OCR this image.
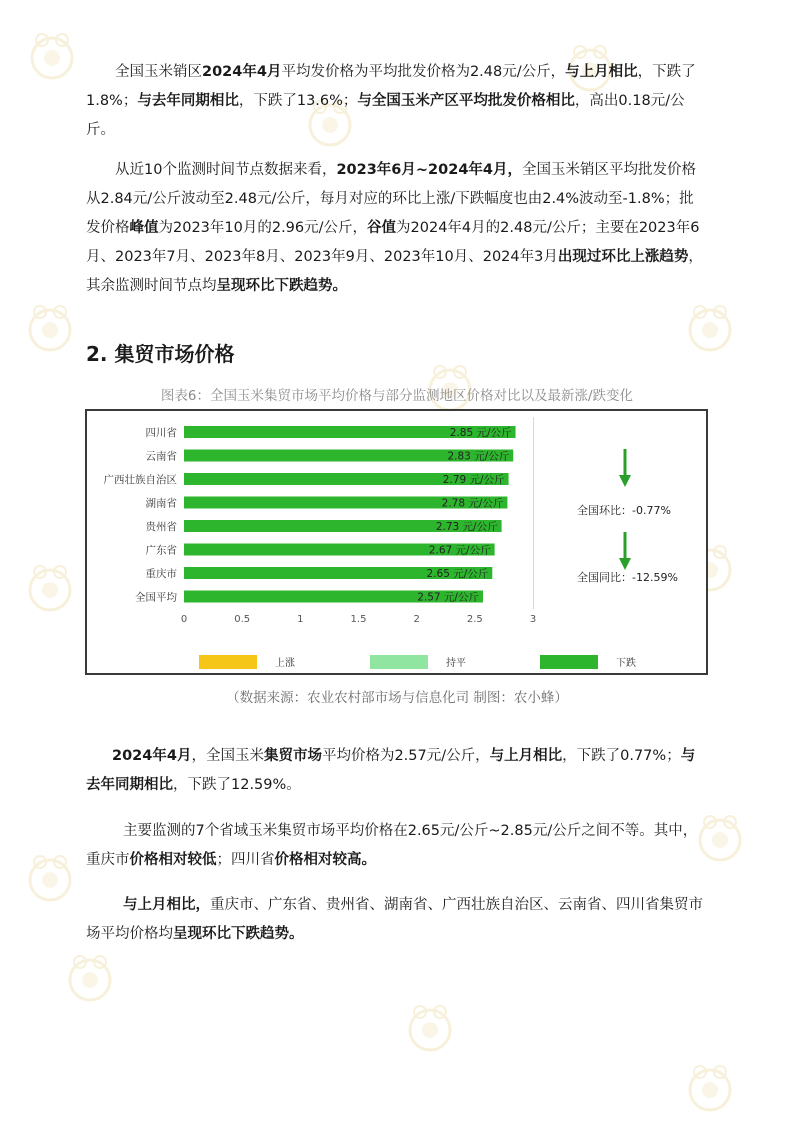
全国玉米销区2024年4月平均发价格为平均批发价格为2.48元/公斤，与上月相比，下跌了1.8%；与去年同期相比，下跌了13.6%；与全国玉米产区平均批发价格相比，高出0.18元/公斤。

从近10个监测时间节点数据来看，2023年6月~2024年4月，全国玉米销区平均批发价格从2.84元/公斤波动至2.48元/公斤，每月对应的环比上涨/下跌幅度也由2.4%波动至-1.8%；批发价格峰值为2023年10月的2.96元/公斤，谷值为2024年4月的2.48元/公斤；主要在2023年6月、2023年7月、2023年8月、2023年9月、2023年10月、2024年3月出现过环比上涨趋势，其余监测时间节点均呈现环比下跌趋势。

2. 集贸市场价格
图表6：全国玉米集贸市场平均价格与部分监测地区价格对比以及最新涨/跌变化
四川省	2.85 元/公斤
云南省	2.83 元/公斤
广西壮族自治区	2.79 元/公斤
湖南省	2.78 元/公斤
贵州省	2.73 元/公斤
广东省	2.67 元/公斤
重庆市	2.65 元/公斤
全国平均	2.57 元/公斤
0	0.5	1	1.5	2	2.5	3
上涨	持平	下跌
全国环比：-0.77%
全国同比：-12.59%
（数据来源：农业农村部市场与信息化司 制图：农小蜂）

2024年4月，全国玉米集贸市场平均价格为2.57元/公斤，与上月相比，下跌了0.77%；与去年同期相比，下跌了12.59%。

主要监测的7个省域玉米集贸市场平均价格在2.65元/公斤~2.85元/公斤之间不等。其中，重庆市价格相对较低；四川省价格相对较高。

与上月相比，重庆市、广东省、贵州省、湖南省、广西壮族自治区、云南省、四川省集贸市场平均价格均呈现环比下跌趋势。
